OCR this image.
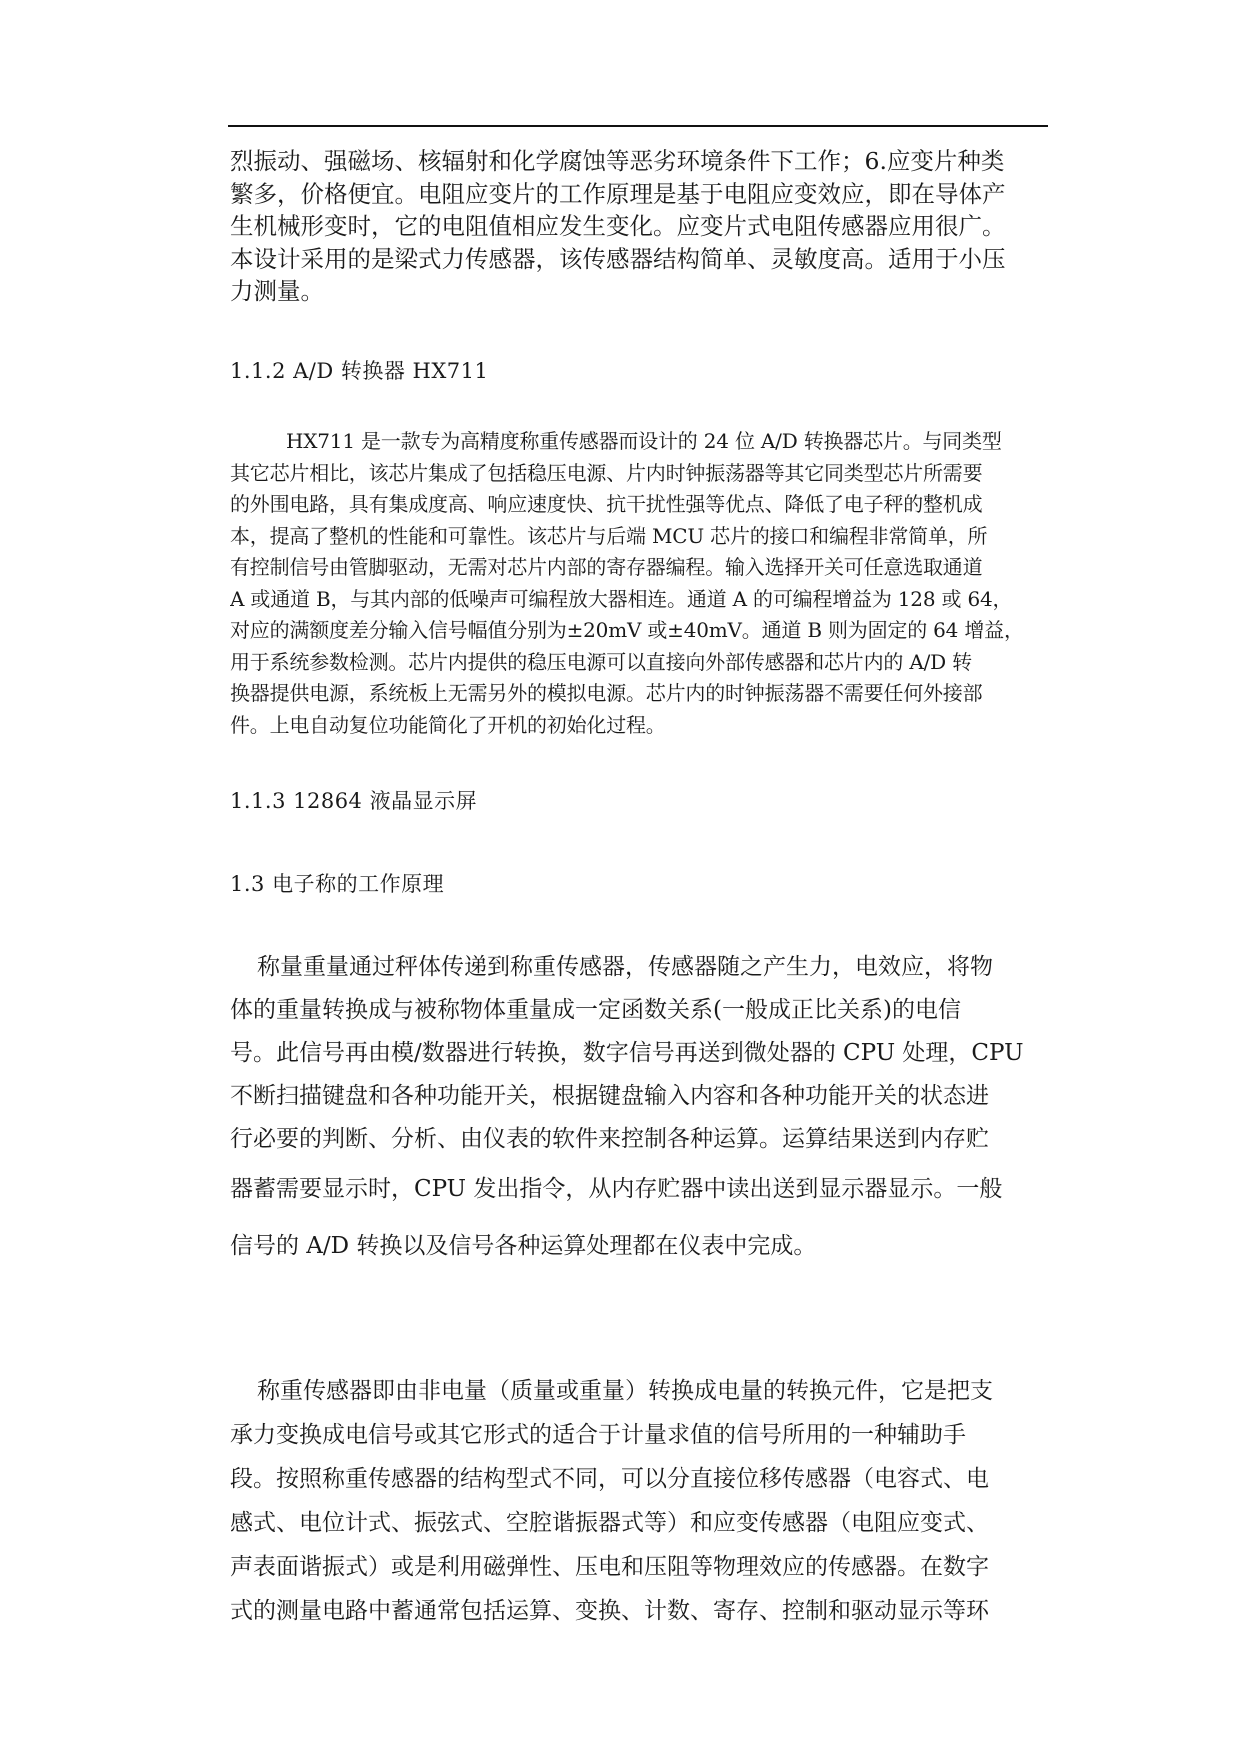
烈振动、强磁场、核辐射和化学腐蚀等恶劣环境条件下工作；6.应变片种类
繁多，价格便宜。电阻应变片的工作原理是基于电阻应变效应，即在导体产
生机械形变时，它的电阻值相应发生变化。应变片式电阻传感器应用很广。
本设计采用的是梁式力传感器，该传感器结构简单、灵敏度高。适用于小压
力测量。
1.1.2 A/D 转换器 HX711
HX711 是一款专为高精度称重传感器而设计的 24 位 A/D 转换器芯片。与同类型
其它芯片相比，该芯片集成了包括稳压电源、片内时钟振荡器等其它同类型芯片所需要
的外围电路，具有集成度高、响应速度快、抗干扰性强等优点、降低了电子秤的整机成
本，提高了整机的性能和可靠性。该芯片与后端 MCU 芯片的接口和编程非常简单，所
有控制信号由管脚驱动，无需对芯片内部的寄存器编程。输入选择开关可任意选取通道
A 或通道 B，与其内部的低噪声可编程放大器相连。通道 A 的可编程增益为 128 或 64，
对应的满额度差分输入信号幅值分别为±20mV 或±40mV。通道 B 则为固定的 64 增益，
用于系统参数检测。芯片内提供的稳压电源可以直接向外部传感器和芯片内的 A/D 转
换器提供电源，系统板上无需另外的模拟电源。芯片内的时钟振荡器不需要任何外接部
件。上电自动复位功能简化了开机的初始化过程。
1.1.3 12864 液晶显示屏
1.3 电子称的工作原理
称量重量通过秤体传递到称重传感器，传感器随之产生力，电效应，将物
体的重量转换成与被称物体重量成一定函数关系(一般成正比关系)的电信
号。此信号再由模/数器进行转换，数字信号再送到微处器的 CPU 处理，CPU
不断扫描键盘和各种功能开关，根据键盘输入内容和各种功能开关的状态进
行必要的判断、分析、由仪表的软件来控制各种运算。运算结果送到内存贮
器蓄需要显示时，CPU 发出指令，从内存贮器中读出送到显示器显示。一般
信号的 A/D 转换以及信号各种运算处理都在仪表中完成。
称重传感器即由非电量（质量或重量）转换成电量的转换元件，它是把支
承力变换成电信号或其它形式的适合于计量求值的信号所用的一种辅助手
段。按照称重传感器的结构型式不同，可以分直接位移传感器（电容式、电
感式、电位计式、振弦式、空腔谐振器式等）和应变传感器（电阻应变式、
声表面谐振式）或是利用磁弹性、压电和压阻等物理效应的传感器。在数字
式的测量电路中蓄通常包括运算、变换、计数、寄存、控制和驱动显示等环
